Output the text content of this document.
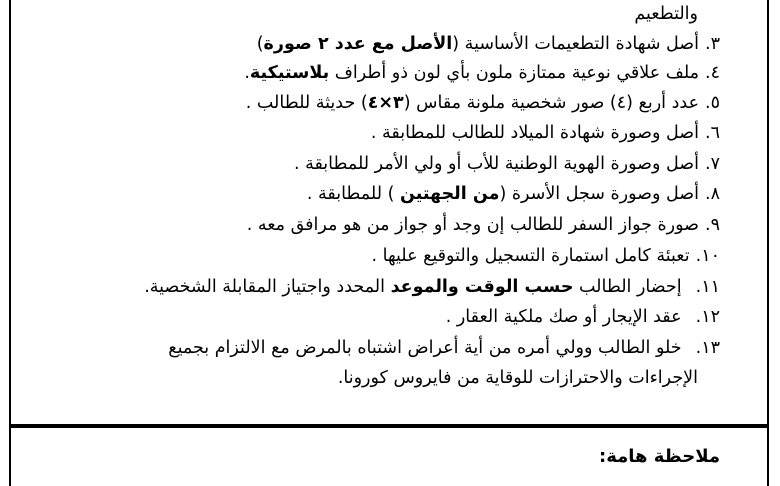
والتطعيم
٣.أصل شهادة التطعيمات الأساسية (الأصل مع عدد ٢ صورة)
٤.ملف علاقي نوعية ممتازة ملون بأي لون ذو أطراف بلاستيكية.
٥.عدد أربع (٤) صور شخصية ملونة مقاس (٣×٤) حديثة للطالب .
٦.أصل وصورة شهادة الميلاد للطالب للمطابقة .
٧.أصل وصورة الهوية الوطنية للأب أو ولي الأمر للمطابقة .
٨.أصل وصورة سجل الأسرة (من الجهتين ) للمطابقة .
٩.صورة جواز السفر للطالب إن وجد أو جواز من هو مرافق معه .
١٠.تعبئة كامل استمارة التسجيل والتوقيع عليها .
١١.إحضار الطالب حسب الوقت والموعد المحدد واجتياز المقابلة الشخصية.
١٢.عقد الإيجار أو صك ملكية العقار .
١٣.خلو الطالب وولي أمره من أية أعراض اشتباه بالمرض مع الالتزام بجميع
الإجراءات والاحترازات للوقاية من فايروس كورونا.
ملاحظة هامة:
